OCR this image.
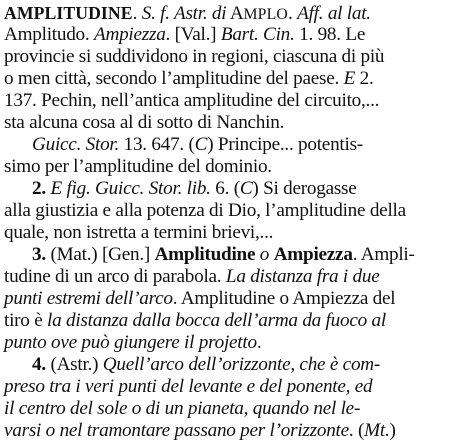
AMPLITUDINE. S. f. Astr. di AMPLO. Aff. al lat.
Amplitudo. Ampiezza. [Val.] Bart. Cin. 1. 98. Le
provincie si suddividono in regioni, ciascuna di più
o men città, secondo l’amplitudine del paese. E 2.
137. Pechin, nell’antica amplitudine del circuito,...
sta alcuna cosa al di sotto di Nanchin.
Guicc. Stor. 13. 647. (C) Principe... potentis-
simo per l’amplitudine del dominio.
2. E fig. Guicc. Stor. lib. 6. (C) Si derogasse
alla giustizia e alla potenza di Dio, l’amplitudine della
quale, non istretta a termini brievi,...
3. (Mat.) [Gen.] Amplitudine o Ampiezza. Ampli-
tudine di un arco di parabola. La distanza fra i due
punti estremi dell’arco. Amplitudine o Ampiezza del
tiro è la distanza dalla bocca dell’arma da fuoco al
punto ove può giungere il projetto.
4. (Astr.) Quell’arco dell’orizzonte, che è com-
preso tra i veri punti del levante e del ponente, ed
il centro del sole o di un pianeta, quando nel le-
varsi o nel tramontare passano per l’orizzonte. (Mt.)
